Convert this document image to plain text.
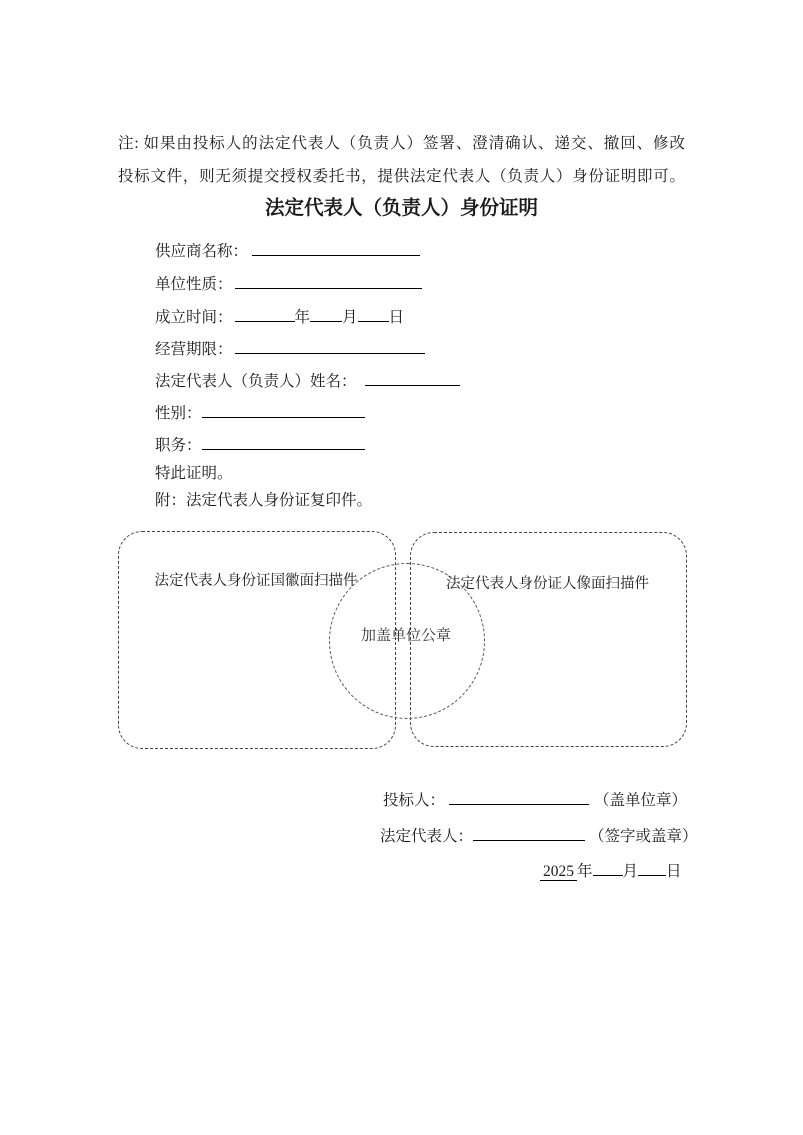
注: 如果由投标人的法定代表人（负责人）签署、澄清确认、递交、撤回、修改
投标文件，则无须提交授权委托书，提供法定代表人（负责人）身份证明即可。
法定代表人（负责人）身份证明
供应商名称：
单位性质：
成立时间：	年 月 日
经营期限：
法定代表人（负责人）姓名：
性别：
职务：
特此证明。
附：法定代表人身份证复印件。
法定代表人身份证国徽面扫描件	法定代表人身份证人像面扫描件
加盖单位公章
投标人：	（盖单位章）
法定代表人：	（签字或盖章）
2025 年 月 日
